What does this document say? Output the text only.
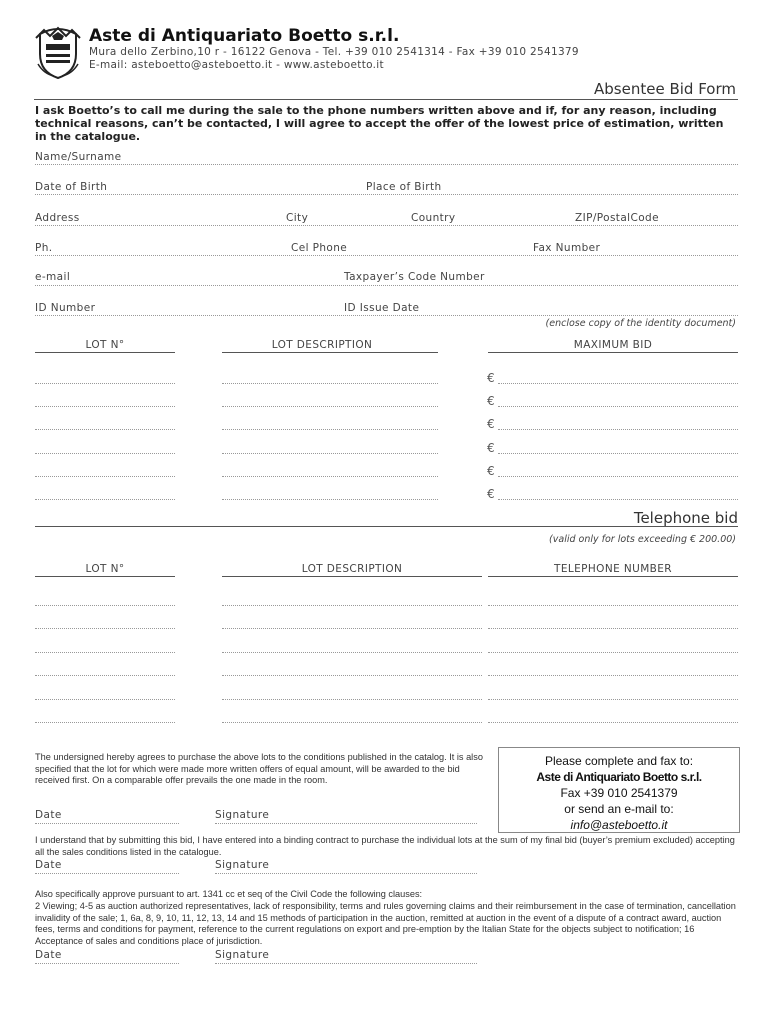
Aste di Antiquariato Boetto s.r.l.
Mura dello Zerbino,10 r - 16122 Genova - Tel. +39 010 2541314 - Fax +39 010 2541379
E-mail: asteboetto@asteboetto.it - www.asteboetto.it
Absentee Bid Form
I ask Boetto’s to call me during the sale to the phone numbers written above and if, for any reason, including technical reasons, can’t be contacted, I will agree to accept the offer of the lowest price of estimation, written in the catalogue.
Name/Surname
Date of Birth	Place of Birth
Address	City	Country	ZIP/PostalCode
Ph.	Cel Phone	Fax Number
e-mail	Taxpayer’s Code Number
ID Number	ID Issue Date
(enclose copy of the identity document)
LOT N°	LOT DESCRIPTION	MAXIMUM BID
€
€
€
€
€
€
Telephone bid
(valid only for lots exceeding € 200.00)
LOT N°	LOT DESCRIPTION	TELEPHONE NUMBER
The undersigned hereby agrees to purchase the above lots to the conditions published in the catalog. It is also specified that the lot for which were made more written offers of equal amount, will be awarded to the bid received first. On a comparable offer prevails the one made in the room.
Please complete and fax to:
Aste di Antiquariato Boetto s.r.l.
Fax +39 010 2541379
or send an e-mail to:
info@asteboetto.it
Date	Signature
I understand that by submitting this bid, I have entered into a binding contract to purchase the individual lots at the sum of my final bid (buyer’s premium excluded) accepting all the sales conditions listed in the catalogue.
Date	Signature
Also specifically approve pursuant to art. 1341 cc et seq of the Civil Code the following clauses:
2 Viewing; 4-5 as auction authorized representatives, lack of responsibility, terms and rules governing claims and their reimbursement in the case of termination, cancellation invalidity of the sale; 1, 6a, 8, 9, 10, 11, 12, 13, 14 and 15 methods of participation in the auction, remitted at auction in the event of a dispute of a contract award, auction fees, terms and conditions for payment, reference to the current regulations on export and pre-emption by the Italian State for the objects subject to notification; 16 Acceptance of sales and conditions place of jurisdiction.
Date	Signature
